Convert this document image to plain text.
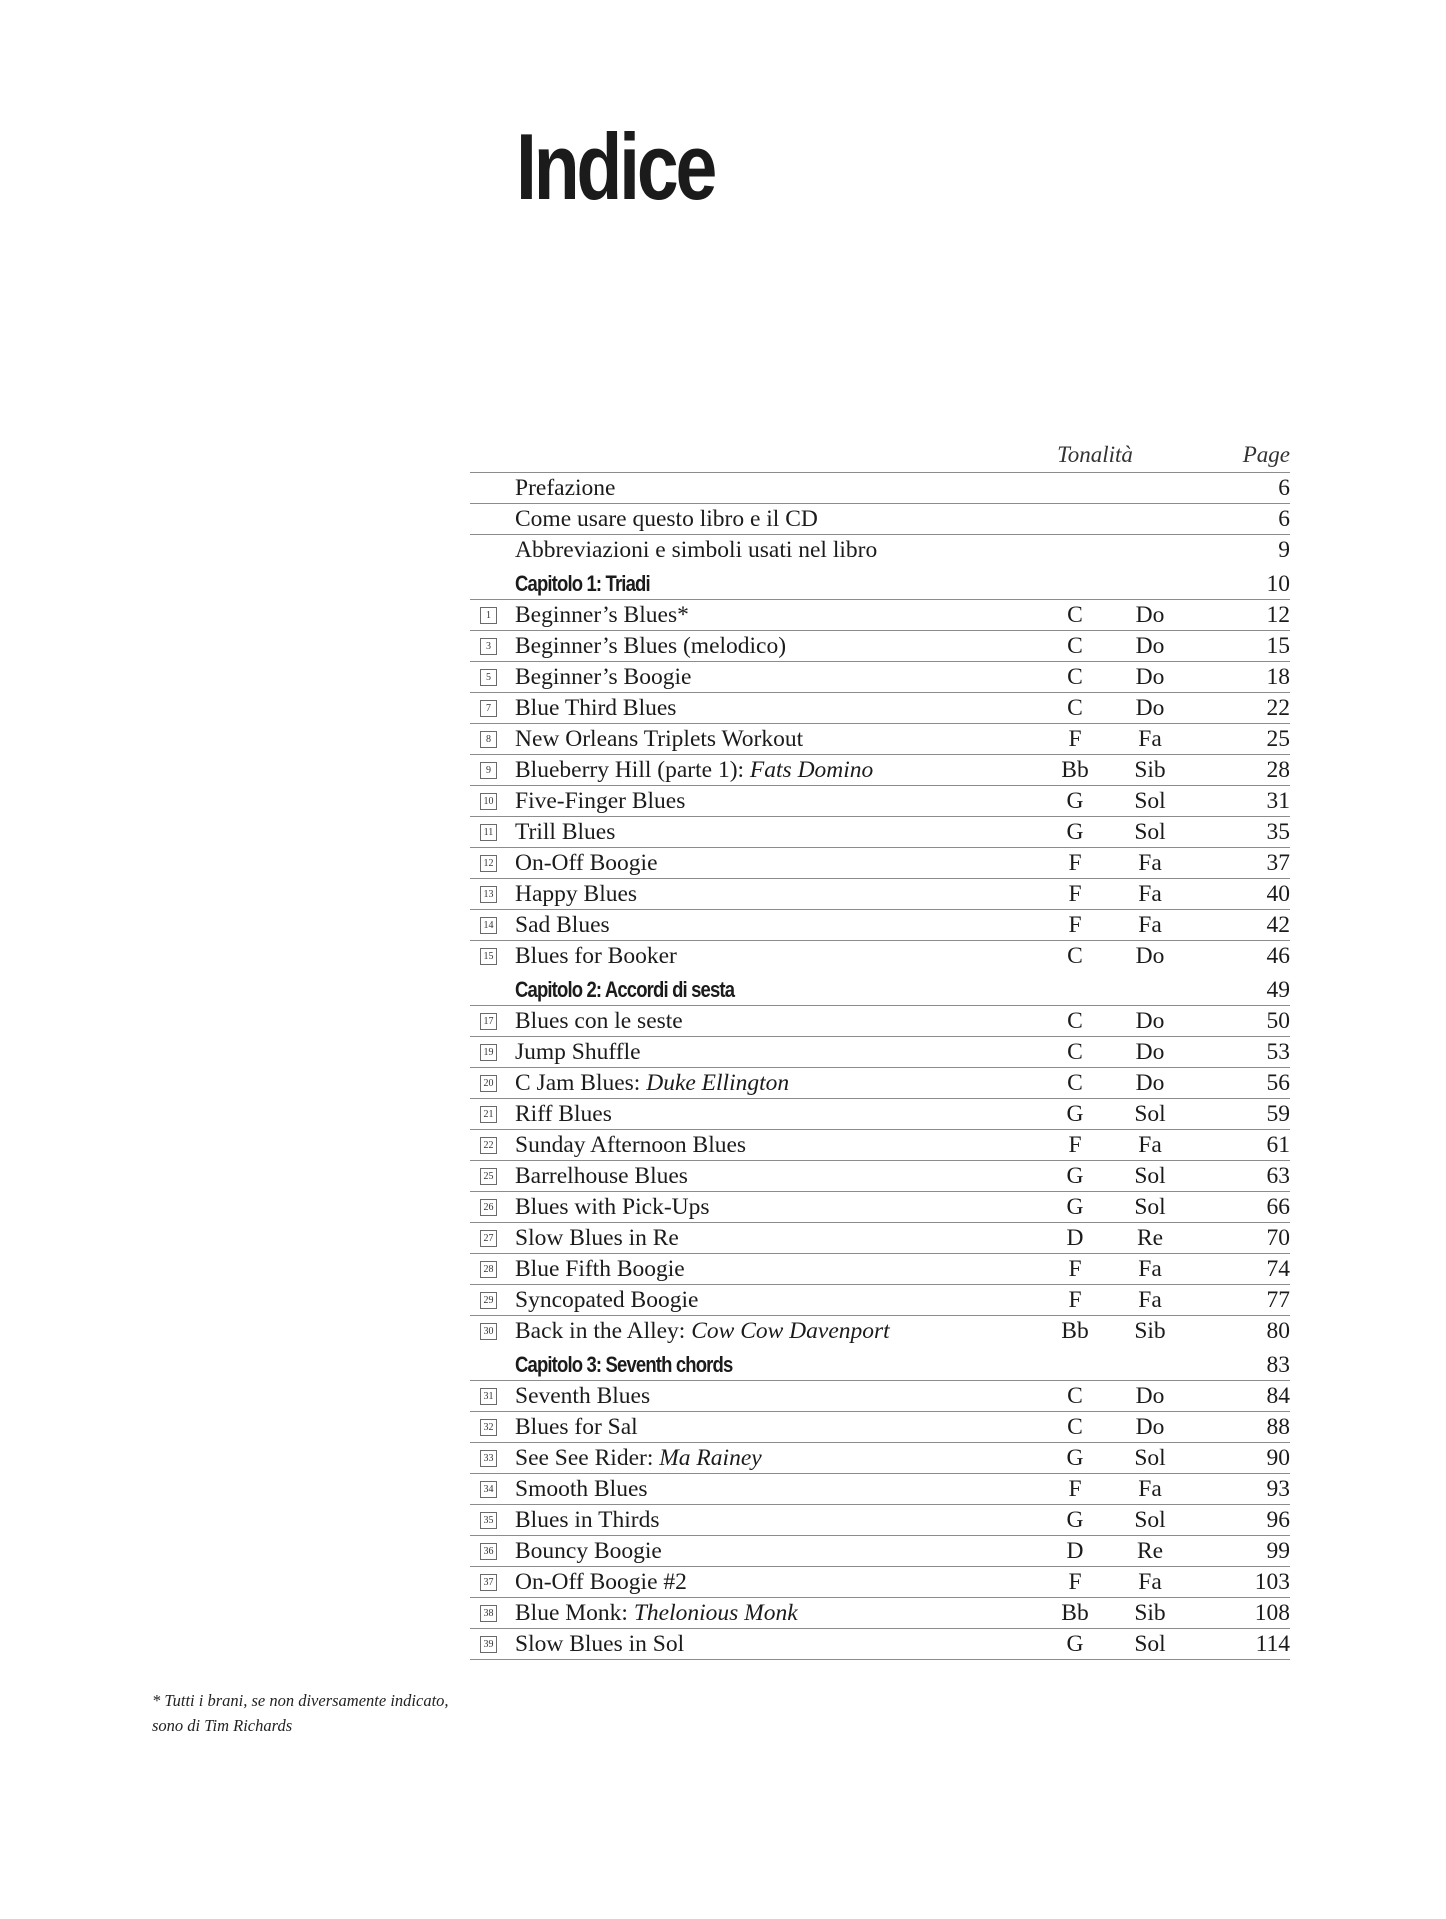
Indice
Tonalità	Page
Prefazione	6
Come usare questo libro e il CD	6
Abbreviazioni e simboli usati nel libro	9
Capitolo 1: Triadi	10
1 Beginner’s Blues*	C	Do	12
3 Beginner’s Blues (melodico)	C	Do	15
5 Beginner’s Boogie	C	Do	18
7 Blue Third Blues	C	Do	22
8 New Orleans Triplets Workout	F	Fa	25
9 Blueberry Hill (parte 1): Fats Domino	Bb	Sib	28
10 Five-Finger Blues	G	Sol	31
11 Trill Blues	G	Sol	35
12 On-Off Boogie	F	Fa	37
13 Happy Blues	F	Fa	40
14 Sad Blues	F	Fa	42
15 Blues for Booker	C	Do	46
Capitolo 2: Accordi di sesta	49
17 Blues con le seste	C	Do	50
19 Jump Shuffle	C	Do	53
20 C Jam Blues: Duke Ellington	C	Do	56
21 Riff Blues	G	Sol	59
22 Sunday Afternoon Blues	F	Fa	61
25 Barrelhouse Blues	G	Sol	63
26 Blues with Pick-Ups	G	Sol	66
27 Slow Blues in Re	D	Re	70
28 Blue Fifth Boogie	F	Fa	74
29 Syncopated Boogie	F	Fa	77
30 Back in the Alley: Cow Cow Davenport	Bb	Sib	80
Capitolo 3: Seventh chords	83
31 Seventh Blues	C	Do	84
32 Blues for Sal	C	Do	88
33 See See Rider: Ma Rainey	G	Sol	90
34 Smooth Blues	F	Fa	93
35 Blues in Thirds	G	Sol	96
36 Bouncy Boogie	D	Re	99
37 On-Off Boogie #2	F	Fa	103
38 Blue Monk: Thelonious Monk	Bb	Sib	108
39 Slow Blues in Sol	G	Sol	114
* Tutti i brani, se non diversamente indicato,
sono di Tim Richards
